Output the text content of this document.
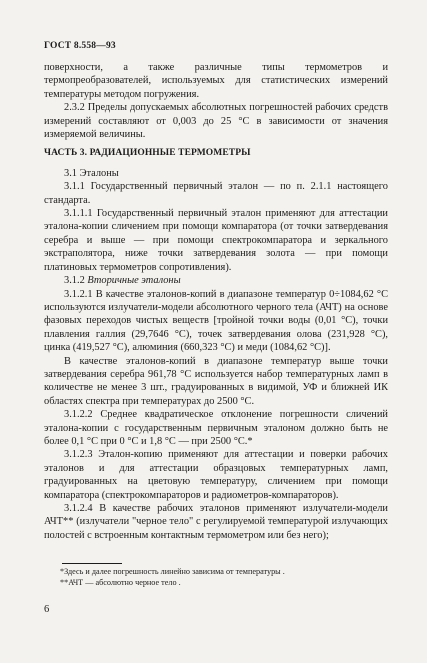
ГОСТ 8.558—93

поверхности, а также различные типы термометров и термопреобразователей, используемых для статистических измерений температуры методом погружения.

2.3.2 Пределы допускаемых абсолютных погрешностей рабочих средств измерений составляют от 0,003 до 25 °С в зависимости от значения измеряемой величины.

ЧАСТЬ 3. РАДИАЦИОННЫЕ ТЕРМОМЕТРЫ

3.1 Эталоны

3.1.1 Государственный первичный эталон — по п. 2.1.1 настоящего стандарта.

3.1.1.1 Государственный первичный эталон применяют для аттестации эталона-копии сличением при помощи компаратора (от точки затвердевания серебра и выше — при помощи спектрокомпаратора и зеркального экстраполятора, ниже точки затвердевания золота — при помощи платиновых термометров сопротивления).

3.1.2 Вторичные эталоны

3.1.2.1 В качестве эталонов-копий в диапазоне температур 0÷1084,62 °С используются излучатели-модели абсолютного черного тела (АЧТ) на основе фазовых переходов чистых веществ [тройной точки воды (0,01 °С), точки плавления галлия (29,7646 °С), точек затвердевания олова (231,928 °С), цинка (419,527 °С), алюминия (660,323 °С) и меди (1084,62 °С)].

В качестве эталонов-копий в диапазоне температур выше точки затвердевания серебра 961,78 °С используется набор температурных ламп в количестве не менее 3 шт., градуированных в видимой, УФ и ближней ИК областях спектра при температурах до 2500 °С.

3.1.2.2 Среднее квадратическое отклонение погрешности сличений эталона-копии с государственным первичным эталоном должно быть не более 0,1 °С при 0 °С и 1,8 °С — при 2500 °С.*

3.1.2.3 Эталон-копию применяют для аттестации и поверки рабочих эталонов и для аттестации образцовых температурных ламп, градуированных на цветовую температуру, сличением при помощи компаратора (спектрокомпараторов и радиометров-компараторов).

3.1.2.4 В качестве рабочих эталонов применяют излучатели-модели АЧТ** (излучатели "черное тело" с регулируемой температурой излучающих полостей с встроенным контактным термометром или без него);

*Здесь и далее погрешность линейно зависима от температуры .

**АЧТ — абсолютно черное тело .

6
